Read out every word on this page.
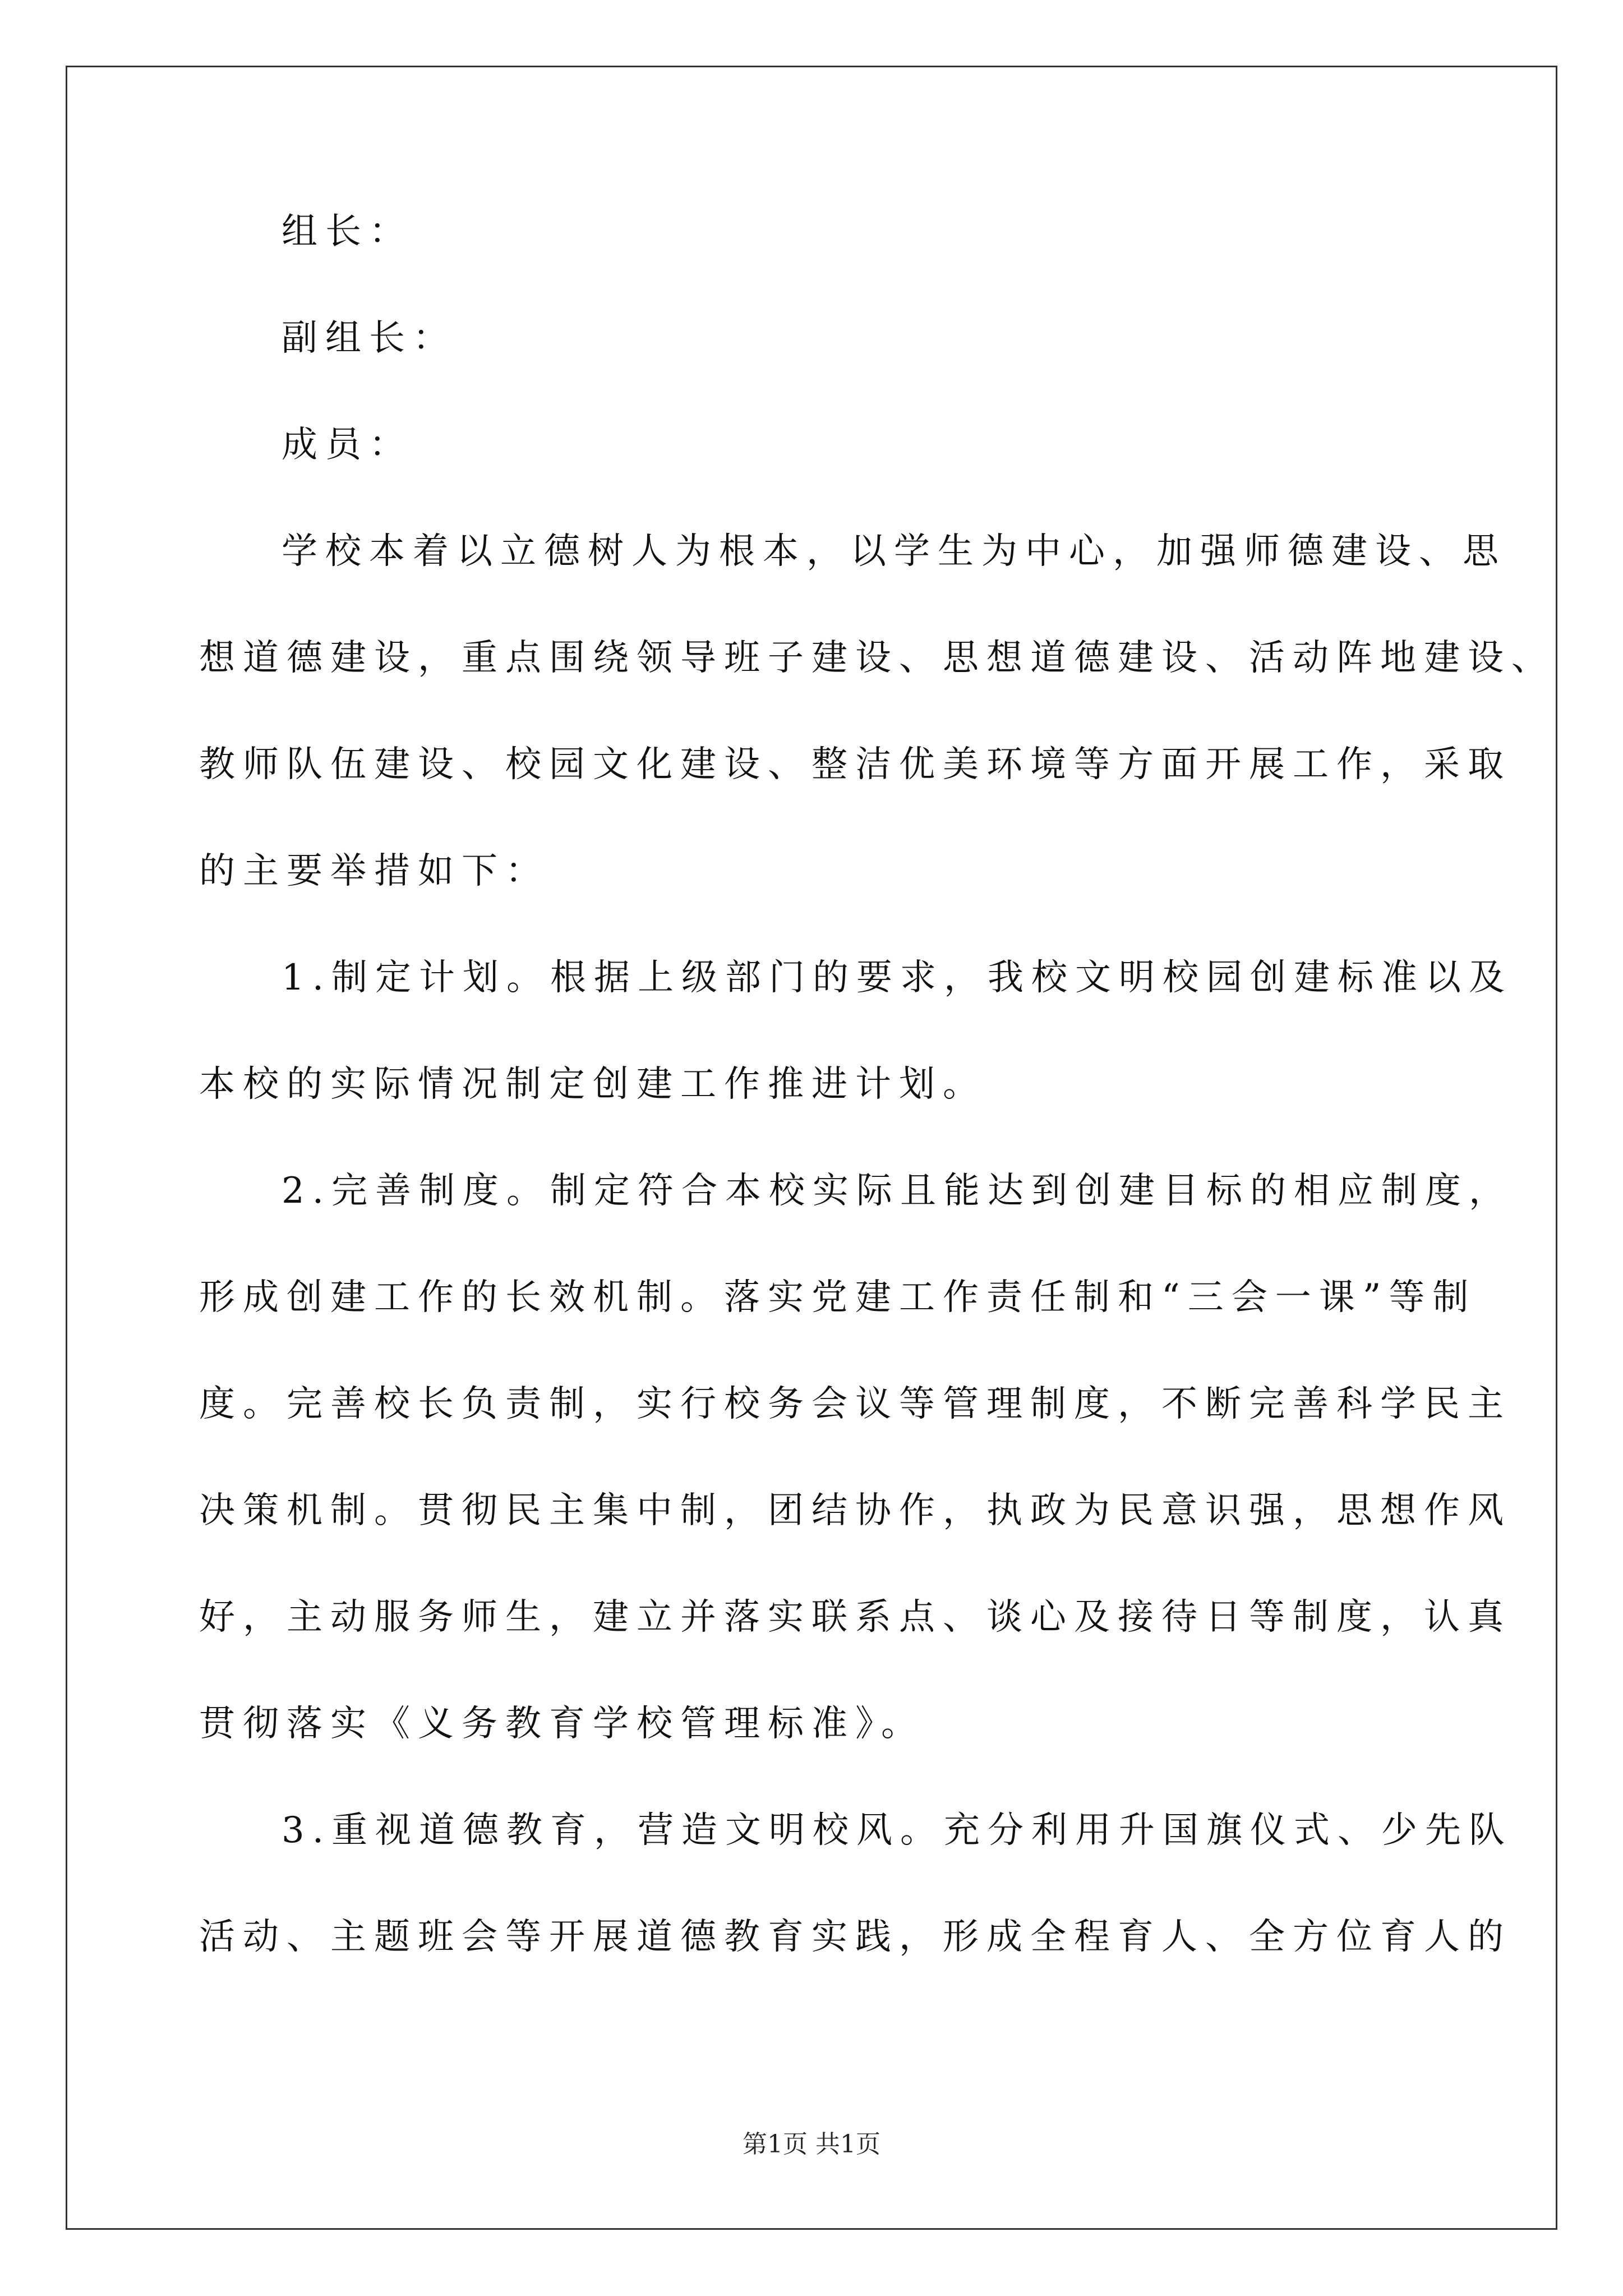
组长：
副组长：
成员：
学校本着以立德树人为根本，以学生为中心，加强师德建设、思
想道德建设，重点围绕领导班子建设、思想道德建设、活动阵地建设、
教师队伍建设、校园文化建设、整洁优美环境等方面开展工作，采取
的主要举措如下：
1.制定计划。根据上级部门的要求，我校文明校园创建标准以及
本校的实际情况制定创建工作推进计划。
2.完善制度。制定符合本校实际且能达到创建目标的相应制度，
形成创建工作的长效机制。落实党建工作责任制和“三会一课”等制
度。完善校长负责制，实行校务会议等管理制度，不断完善科学民主
决策机制。贯彻民主集中制，团结协作，执政为民意识强，思想作风
好，主动服务师生，建立并落实联系点、谈心及接待日等制度，认真
贯彻落实《义务教育学校管理标准》。
3.重视道德教育，营造文明校风。充分利用升国旗仪式、少先队
活动、主题班会等开展道德教育实践，形成全程育人、全方位育人的
第1页 共1页
